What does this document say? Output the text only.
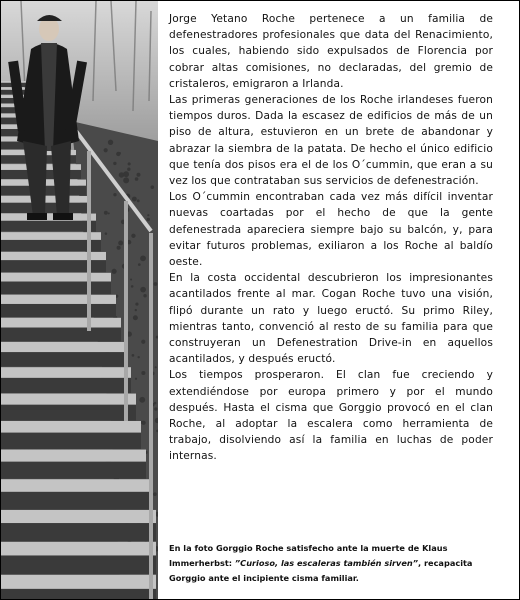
Jorge Yetano Roche pertenece a un familia de defenestradores profesionales que data del Renacimiento, los cuales, habiendo sido expulsados de Florencia por cobrar altas comisiones, no declaradas, del gremio de cristaleros, emigraron a Irlanda.

Las primeras generaciones de los Roche irlandeses fueron tiempos duros. Dada la escasez de edificios de más de un piso de altura, estuvieron en un brete de abandonar y abrazar la siembra de la patata. De hecho el único edificio que tenía dos pisos era el de los O´cummin, que eran a su vez los que contrataban sus servicios de defenestración.

Los O´cummin encontraban cada vez más difícil inventar nuevas coartadas por el hecho de que la gente defenestrada apareciera siempre bajo su balcón, y, para evitar futuros problemas, exiliaron a los Roche al baldío oeste.

En la costa occidental descubrieron los impresionantes acantilados frente al mar. Cogan Roche tuvo una visión, flipó durante un rato y luego eructó. Su primo Riley, mientras tanto, convenció al resto de su familia para que construyeran un Defenestration Drive-in en aquellos acantilados, y después eructó.

Los tiempos prosperaron. El clan fue creciendo y extendiéndose por europa primero y por el mundo después. Hasta el cisma que Gorggio provocó en el clan Roche, al adoptar la escalera como herramienta de trabajo, disolviendo así la familia en luchas de poder internas.

En la foto Gorggio Roche satisfecho ante la muerte de Klaus Immerherbst: ”Curioso, las escaleras también sirven”, recapacita Gorggio ante el incipiente cisma familiar.
